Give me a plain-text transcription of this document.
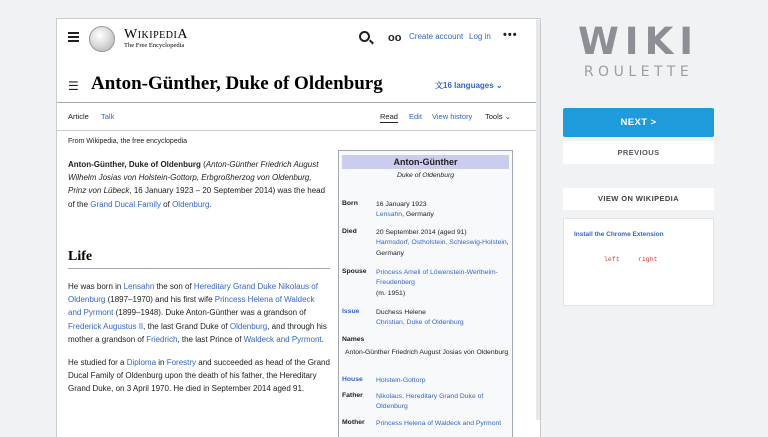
WikipediA
The Free Encyclopedia
oo Create account Log in •••
☰ Anton-Günther, Duke of Oldenburg	文16 languages ⌄
Article Talk	Read Edit View history Tools ⌄
From Wikipedia, the free encyclopedia

Anton-Günther, Duke of Oldenburg (Anton-Günther Friedrich August Wilhelm Josias von Holstein-Gottorp, Erbgroßherzog von Oldenburg, Prinz von Lübeck, 16 January 1923 – 20 September 2014) was the head of the Grand Ducal Family of Oldenburg.

Life

He was born in Lensahn the son of Hereditary Grand Duke Nikolaus of Oldenburg (1897–1970) and his first wife Princess Helena of Waldeck and Pyrmont (1899–1948). Duke Anton-Günther was a grandson of Frederick Augustus II, the last Grand Duke of Oldenburg, and through his mother a grandson of Friedrich, the last Prince of Waldeck and Pyrmont.

He studied for a Diploma in Forestry and succeeded as head of the Grand Ducal Family of Oldenburg upon the death of his father, the Hereditary Grand Duke, on 3 April 1970. He died in September 2014 aged 91.

Anton-Günther
Duke of Oldenburg
Born	16 January 1923
Lensahn, Germany
Died	20 September 2014 (aged 91)
Harmsdorf, Ostholstein, Schleswig-Holstein, Germany
Spouse	Princess Ameli of Löwenstein-Wertheim-Freudenberg
(m. 1951)
Issue	Duchess Helene
Christian, Duke of Oldenburg
Names
Anton-Günther Friedrich August Josias von Oldenburg
House	Holstein-Gottorp
Father	Nikolaus, Hereditary Grand Duke of Oldenburg
Mother	Princess Helena of Waldeck and Pyrmont
WIKI
ROULETTE
NEXT >
PREVIOUS
VIEW ON WIKIPEDIA
Install the Chrome Extension
left	right
